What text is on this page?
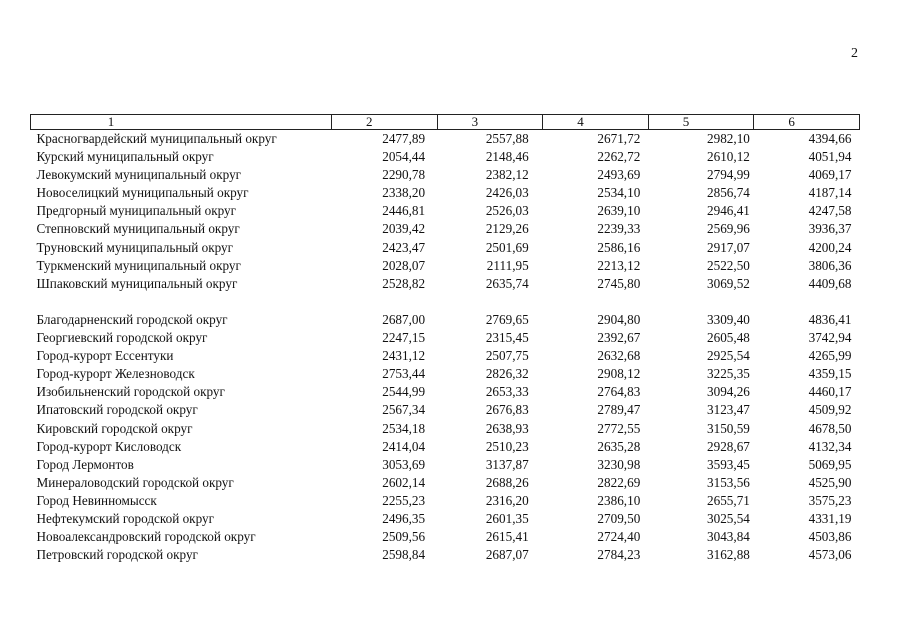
2
1	2	3	4	5	6
Красногвардейский муниципальный округ	2477,89	2557,88	2671,72	2982,10	4394,66
Курский муниципальный округ	2054,44	2148,46	2262,72	2610,12	4051,94
Левокумский муниципальный округ	2290,78	2382,12	2493,69	2794,99	4069,17
Новоселицкий муниципальный округ	2338,20	2426,03	2534,10	2856,74	4187,14
Предгорный муниципальный округ	2446,81	2526,03	2639,10	2946,41	4247,58
Степновский муниципальный округ	2039,42	2129,26	2239,33	2569,96	3936,37
Труновский муниципальный округ	2423,47	2501,69	2586,16	2917,07	4200,24
Туркменский муниципальный округ	2028,07	2111,95	2213,12	2522,50	3806,36
Шпаковский муниципальный округ	2528,82	2635,74	2745,80	3069,52	4409,68

Благодарненский городской округ	2687,00	2769,65	2904,80	3309,40	4836,41
Георгиевский городской округ	2247,15	2315,45	2392,67	2605,48	3742,94
Город-курорт Ессентуки	2431,12	2507,75	2632,68	2925,54	4265,99
Город-курорт Железноводск	2753,44	2826,32	2908,12	3225,35	4359,15
Изобильненский городской округ	2544,99	2653,33	2764,83	3094,26	4460,17
Ипатовский городской округ	2567,34	2676,83	2789,47	3123,47	4509,92
Кировский городской округ	2534,18	2638,93	2772,55	3150,59	4678,50
Город-курорт Кисловодск	2414,04	2510,23	2635,28	2928,67	4132,34
Город Лермонтов	3053,69	3137,87	3230,98	3593,45	5069,95
Минераловодский городской округ	2602,14	2688,26	2822,69	3153,56	4525,90
Город Невинномысск	2255,23	2316,20	2386,10	2655,71	3575,23
Нефтекумский городской округ	2496,35	2601,35	2709,50	3025,54	4331,19
Новоалександровский городской округ	2509,56	2615,41	2724,40	3043,84	4503,86
Петровский городской округ	2598,84	2687,07	2784,23	3162,88	4573,06
